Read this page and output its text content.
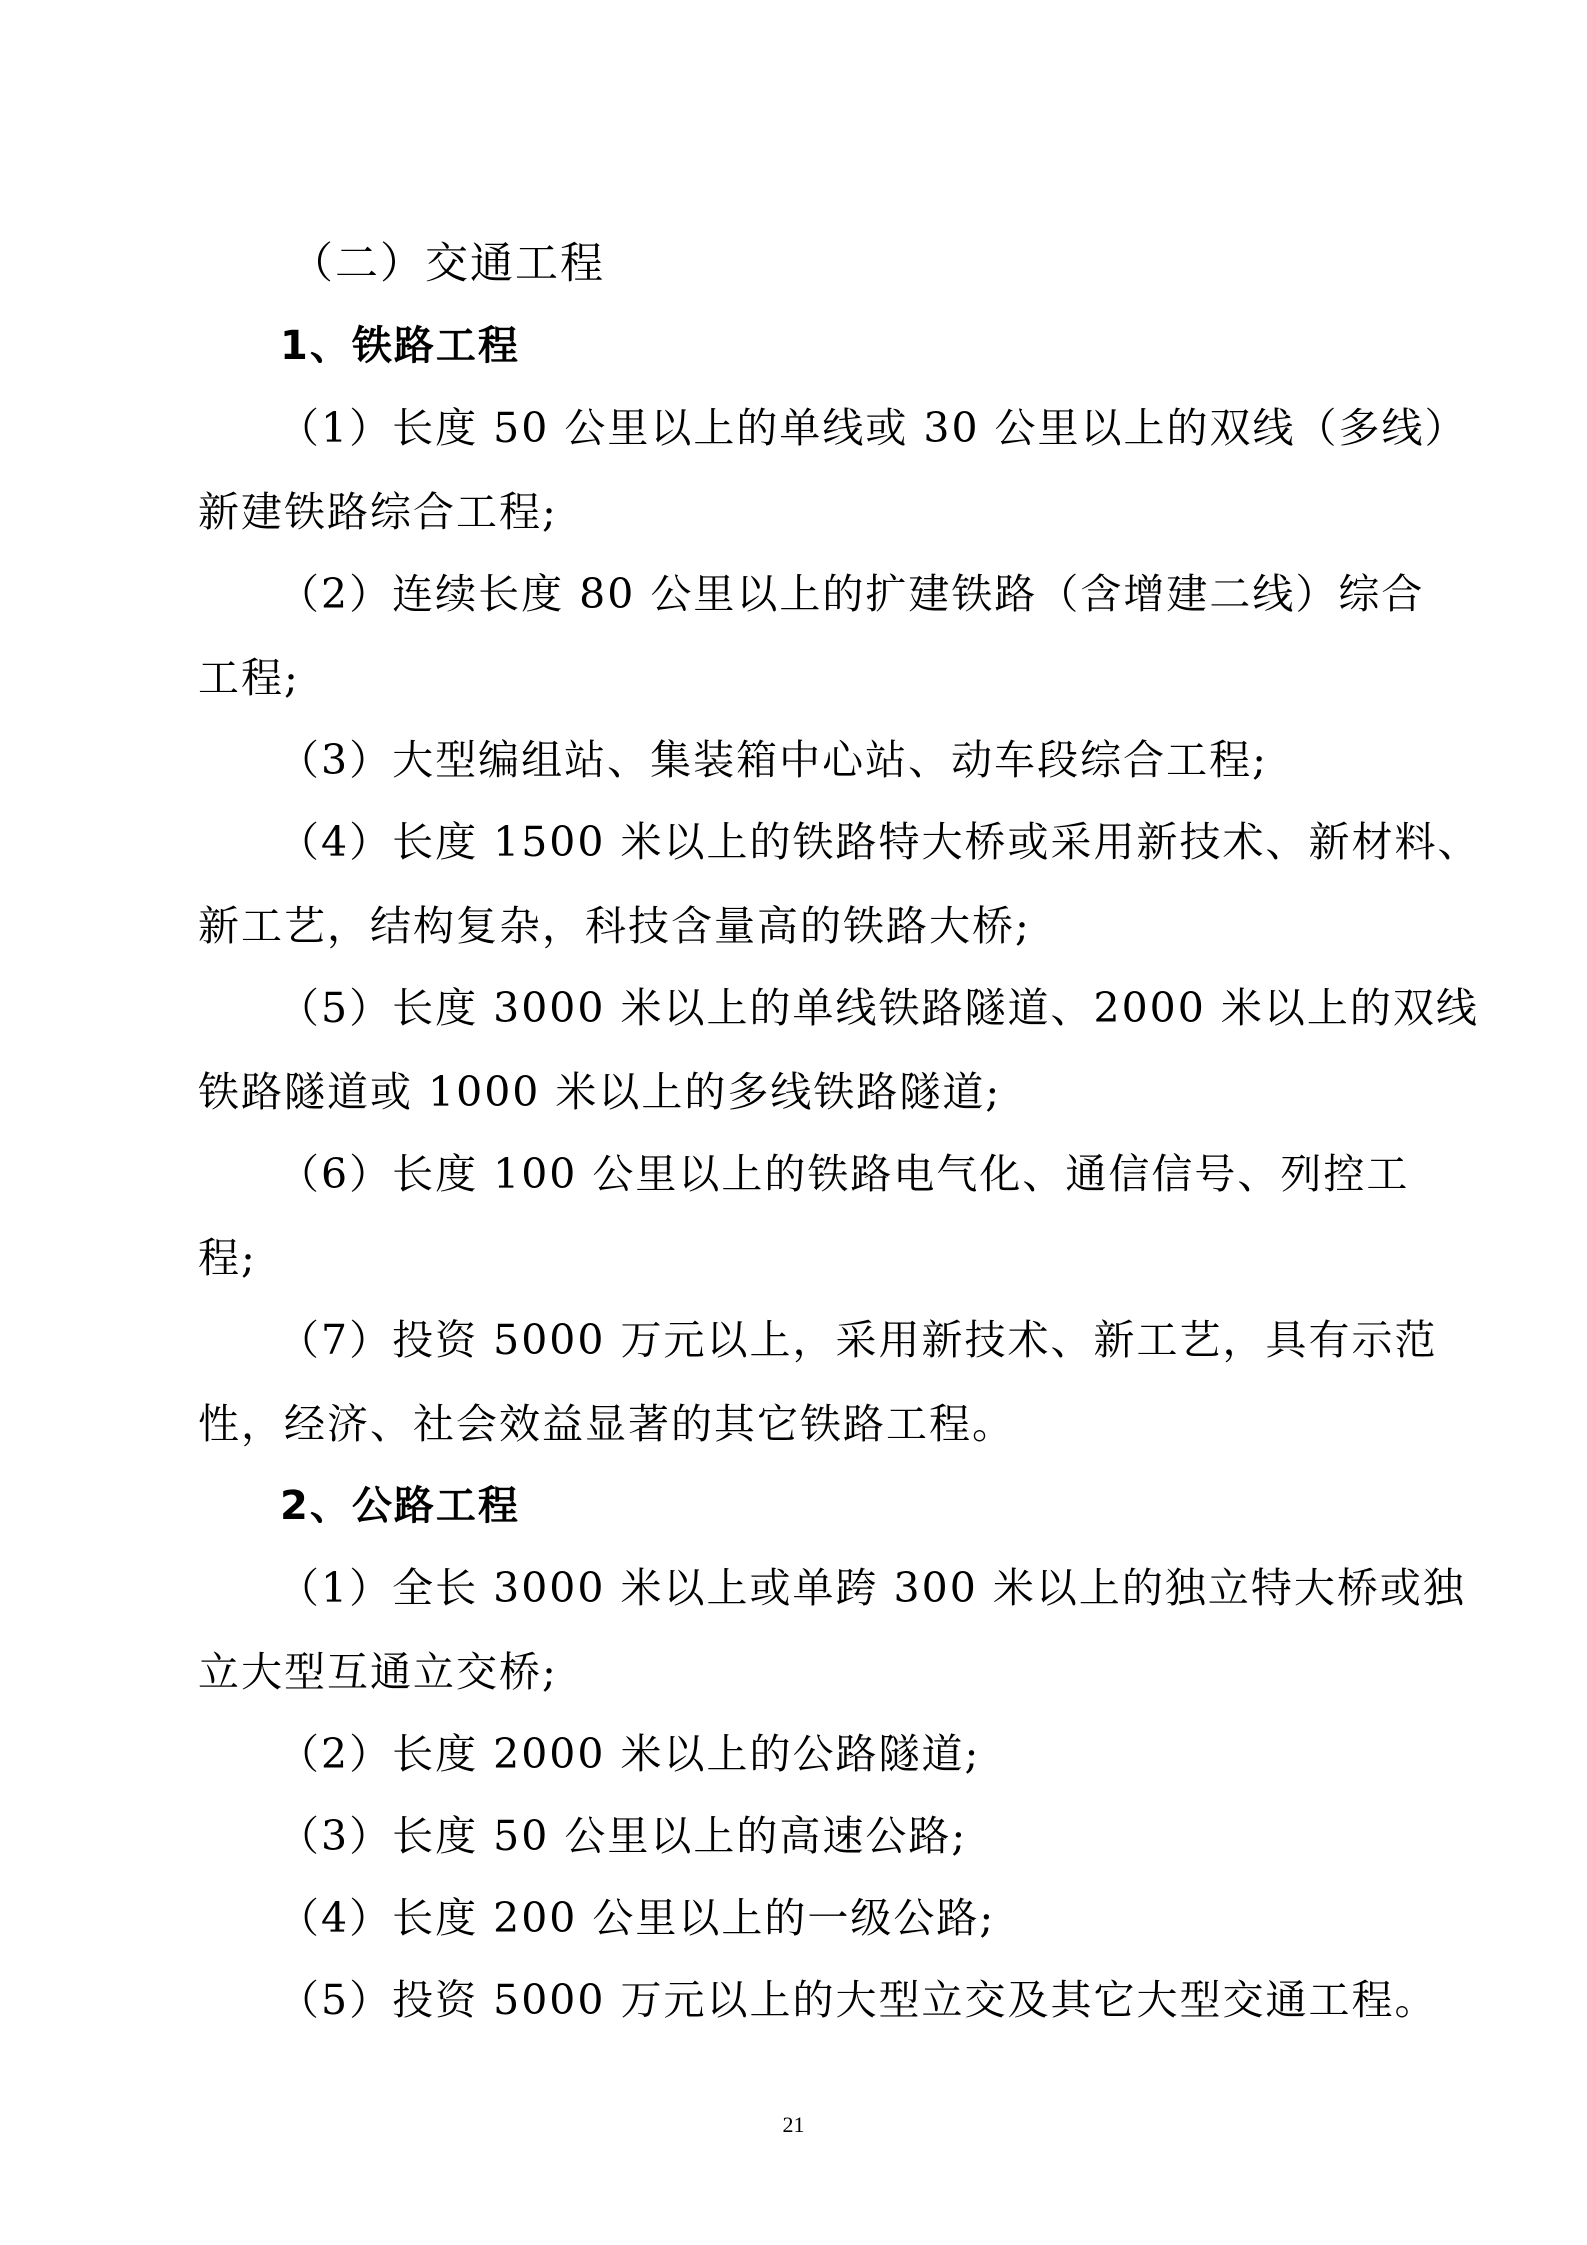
（二）交通工程

1、铁路工程

（1）长度 50 公里以上的单线或 30 公里以上的双线（多线）

新建铁路综合工程;

（2）连续长度 80 公里以上的扩建铁路（含增建二线）综合

工程;

（3）大型编组站、集装箱中心站、动车段综合工程;

（4）长度 1500 米以上的铁路特大桥或采用新技术、新材料、

新工艺，结构复杂，科技含量高的铁路大桥;

（5）长度 3000 米以上的单线铁路隧道、2000 米以上的双线

铁路隧道或 1000 米以上的多线铁路隧道;

（6）长度 100 公里以上的铁路电气化、通信信号、列控工

程;

（7）投资 5000 万元以上，采用新技术、新工艺，具有示范

性，经济、社会效益显著的其它铁路工程。

2、公路工程

（1）全长 3000 米以上或单跨 300 米以上的独立特大桥或独

立大型互通立交桥;

（2）长度 2000 米以上的公路隧道;

（3）长度 50 公里以上的高速公路;

（4）长度 200 公里以上的一级公路;

（5）投资 5000 万元以上的大型立交及其它大型交通工程。

21
